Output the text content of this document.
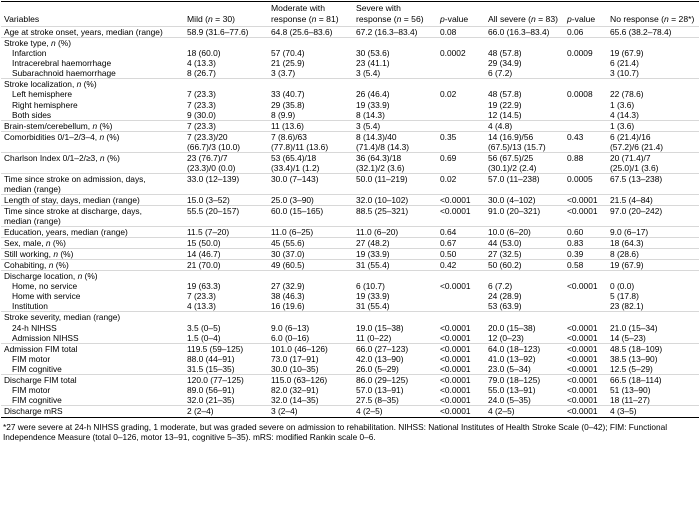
Variables	Mild (n = 30)	Moderate with response (n = 81)	Severe with response (n = 56)	p-value	All severe (n = 83)	p-value	No response (n = 28*)
Age at stroke onset, years, median (range)	58.9 (31.6–77.6)	64.8 (25.6–83.6)	67.2 (16.3–83.4)	0.08	66.0 (16.3–83.4)	0.06	65.6 (38.2–78.4)
Stroke type, n (%)							
Infarction	18 (60.0)	57 (70.4)	30 (53.6)	0.0002	48 (57.8)	0.0009	19 (67.9)
Intracerebral haemorrhage	4 (13.3)	21 (25.9)	23 (41.1)		29 (34.9)		6 (21.4)
Subarachnoid haemorrhage	8 (26.7)	3 (3.7)	3 (5.4)		6 (7.2)		3 (10.7)
Stroke localization, n (%)							
Left hemisphere	7 (23.3)	33 (40.7)	26 (46.4)	0.02	48 (57.8)	0.0008	22 (78.6)
Right hemisphere	7 (23.3)	29 (35.8)	19 (33.9)		19 (22.9)		1 (3.6)
Both sides	9 (30.0)	8 (9.9)	8 (14.3)		12 (14.5)		4 (14.3)
Brain-stem/cerebellum, n (%)	7 (23.3)	11 (13.6)	3 (5.4)		4 (4.8)		1 (3.6)
Comorbidities 0/1–2/3–4, n (%)	7 (23.3)/20
(66.7)/3 (10.0)	7 (8.6)/63
(77.8)/11 (13.6)	8 (14.3)/40
(71.4)/8 (14.3)	0.35	14 (16.9)/56
(67.5)/13 (15.7)	0.43	6 (21.4)/16
(57.2)/6 (21.4)
Charlson Index 0/1–2/≥3, n (%)	23 (76.7)/7
(23.3)/0 (0.0)	53 (65.4)/18
(33.4)/1 (1.2)	36 (64.3)/18
(32.1)/2 (3.6)	0.69	56 (67.5)/25
(30.1)/2 (2.4)	0.88	20 (71.4)/7
(25.0)/1 (3.6)
Time since stroke on admission, days,
median (range)	33.0 (12–139)	30.0 (7–143)	50.0 (11–219)	0.02	57.0 (11–238)	0.0005	67.5 (13–238)
Length of stay, days, median (range)	15.0 (3–52)	25.0 (3–90)	32.0 (10–102)	<0.0001	30.0 (4–102)	<0.0001	21.5 (4–84)
Time since stroke at discharge, days,
median (range)	55.5 (20–157)	60.0 (15–165)	88.5 (25–321)	<0.0001	91.0 (20–321)	<0.0001	97.0 (20–242)
Education, years, median (range)	11.5 (7–20)	11.0 (6–25)	11.0 (6–20)	0.64	10.0 (6–20)	0.60	9.0 (6–17)
Sex, male, n (%)	15 (50.0)	45 (55.6)	27 (48.2)	0.67	44 (53.0)	0.83	18 (64.3)
Still working, n (%)	14 (46.7)	30 (37.0)	19 (33.9)	0.50	27 (32.5)	0.39	8 (28.6)
Cohabiting, n (%)	21 (70.0)	49 (60.5)	31 (55.4)	0.42	50 (60.2)	0.58	19 (67.9)
Discharge location, n (%)							
Home, no service	19 (63.3)	27 (32.9)	6 (10.7)	<0.0001	6 (7.2)	<0.0001	0 (0.0)
Home with service	7 (23.3)	38 (46.3)	19 (33.9)		24 (28.9)		5 (17.8)
Institution	4 (13.3)	16 (19.6)	31 (55.4)		53 (63.9)		23 (82.1)
Stroke severity, median (range)							
24-h NIHSS	3.5 (0–5)	9.0 (6–13)	19.0 (15–38)	<0.0001	20.0 (15–38)	<0.0001	21.0 (15–34)
Admission NIHSS	1.5 (0–4)	6.0 (0–16)	11 (0–22)	<0.0001	12 (0–23)	<0.0001	14 (5–23)
Admission FIM total	119.5 (59–125)	101.0 (46–126)	66.0 (27–123)	<0.0001	64.0 (18–123)	<0.0001	48.5 (18–109)
FIM motor	88.0 (44–91)	73.0 (17–91)	42.0 (13–90)	<0.0001	41.0 (13–92)	<0.0001	38.5 (13–90)
FIM cognitive	31.5 (15–35)	30.0 (10–35)	26.0 (5–29)	<0.0001	23.0 (5–34)	<0.0001	12.5 (5–29)
Discharge FIM total	120.0 (77–125)	115.0 (63–126)	86.0 (29–125)	<0.0001	79.0 (18–125)	<0.0001	66.5 (18–114)
FIM motor	89.0 (56–91)	82.0 (32–91)	57.0 (13–91)	<0.0001	55.0 (13–91)	<0.0001	51 (13–90)
FIM cognitive	32.0 (21–35)	32.0 (14–35)	27.5 (8–35)	<0.0001	24.0 (5–35)	<0.0001	18 (11–27)
Discharge mRS	2 (2–4)	3 (2–4)	4 (2–5)	<0.0001	4 (2–5)	<0.0001	4 (3–5)
*27 were severe at 24-h NIHSS grading, 1 moderate, but was graded severe on admission to rehabilitation. NIHSS: National Institutes of Health Stroke Scale (0–42); FIM: Functional Independence Measure (total 0–126, motor 13–91, cognitive 5–35). mRS: modified Rankin scale 0–6.
